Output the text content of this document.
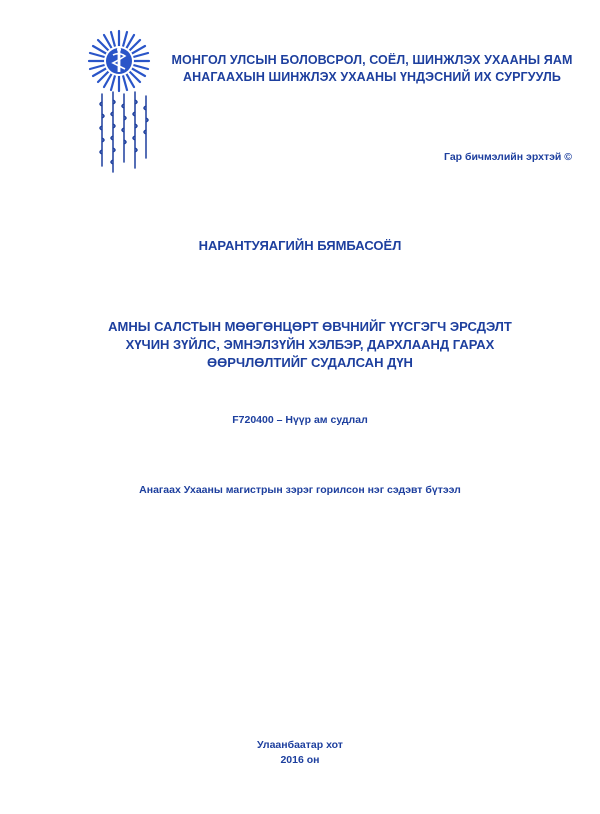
МОНГОЛ УЛСЫН БОЛОВСРОЛ, СОЁЛ, ШИНЖЛЭХ УХААНЫ ЯАМ
АНАГААХЫН ШИНЖЛЭХ УХААНЫ ҮНДЭСНИЙ ИХ СУРГУУЛЬ
Гар бичмэлийн эрхтэй ©
НАРАНТУЯАГИЙН БЯМБАСОЁЛ
АМНЫ САЛСТЫН МӨӨГӨНЦӨРТ ӨВЧНИЙГ ҮҮСГЭГЧ ЭРСДЭЛТ
ХҮЧИН ЗҮЙЛС, ЭМНЭЛЗҮЙН ХЭЛБЭР, ДАРХЛААНД ГАРАХ
ӨӨРЧЛӨЛТИЙГ СУДАЛСАН ДҮН
F720400 – Нүүр ам судлал
Анагаах Ухааны магистрын зэрэг горилсон нэг сэдэвт бүтээл
Улаанбаатар хот
2016 он
